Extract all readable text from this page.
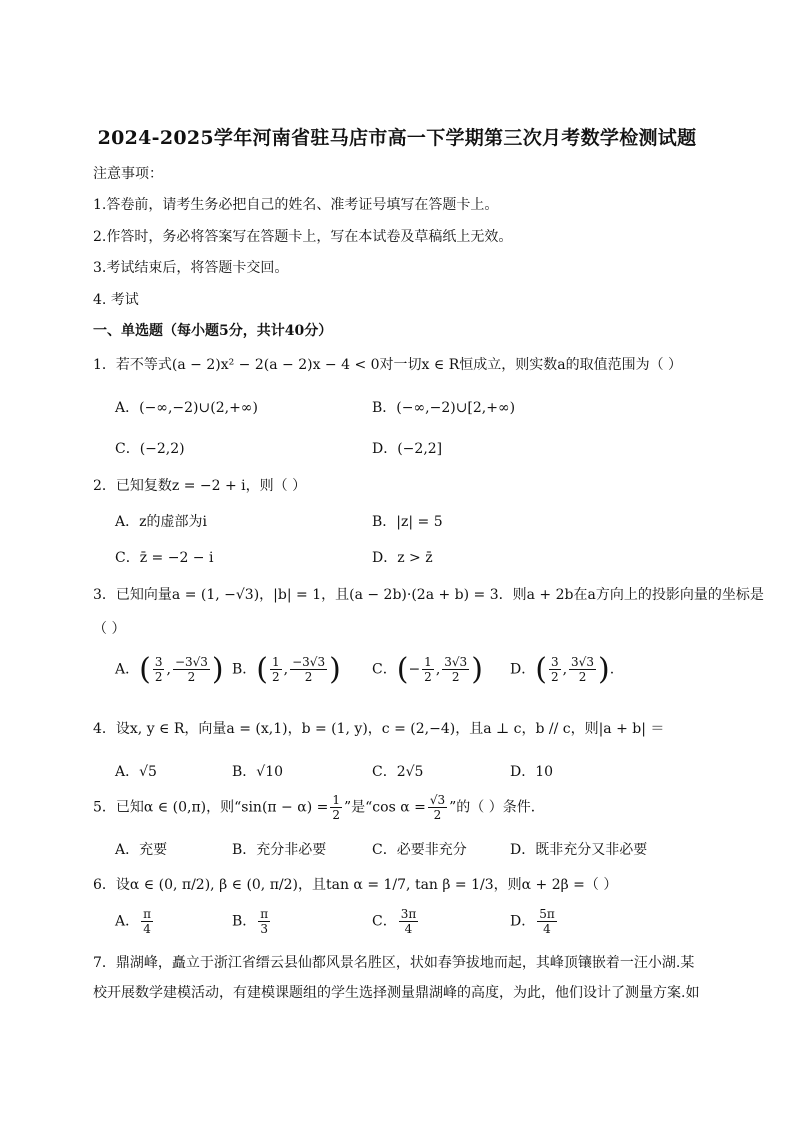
2024-2025学年河南省驻马店市高一下学期第三次月考数学检测试题
注意事项：
1.答卷前，请考生务必把自己的姓名、准考证号填写在答题卡上。
2.作答时，务必将答案写在答题卡上，写在本试卷及草稿纸上无效。
3.考试结束后，将答题卡交回。
4. 考试
一、单选题（每小题5分，共计40分）
1．若不等式(a − 2)x² − 2(a − 2)x − 4 < 0对一切x ∈ R恒成立，则实数a的取值范围为（ ）
A．(−∞,−2)∪(2,+∞)	B．(−∞,−2)∪[2,+∞)
C．(−2,2)	D．(−2,2]
2．已知复数z = −2 + i，则（ ）
A．z的虚部为i	B．|z| = 5
C．z̄ = −2 − i	D．z > z̄
3．已知向量a = (1, −√3)，|b| = 1，且(a − 2b)·(2a + b) = 3．则a + 2b在a方向上的投影向量的坐标是
（ ）
A．( $\frac{3}{2}$ , $\frac{-3√3}{2}$ ) B．( $\frac{1}{2}$ , $\frac{-3√3}{2}$ ) C．(− $\frac{1}{2}$ , $\frac{3√3}{2}$ ) D．( $\frac{3}{2}$ , $\frac{3√3}{2}$ ).
4．设x, y ∈ R，向量a = (x,1)，b = (1, y)，c = (2,−4)，且a ⊥ c，b // c，则|a + b| ＝
A．√5	B．√10	C．2√5	D．10
5．已知α ∈ (0,π)，则“$\sin(\pi - \alpha) = \frac{1}{2}$ ”是“cos $\alpha = \frac{√3}{2}$ ”的（ ）条件．
A．充要	B．充分非必要	C．必要非充分	D．既非充分又非必要
6．设α ∈ (0, π/2), β ∈ (0, π/2)，且tan α = 1/7, tan β = 1/3，则α + 2β =（ ）
A． $\frac{\pi}{4}$	B． $\frac{\pi}{3}$	C． $\frac{3\pi}{4}$	D． $\frac{5\pi}{4}$
7．鼎湖峰，矗立于浙江省缙云县仙都风景名胜区，状如春笋拔地而起，其峰顶镶嵌着一汪小湖.某校开展数学建模活动，有建模课题组的学生选择测量鼎湖峰的高度，为此，他们设计了测量方案.如
